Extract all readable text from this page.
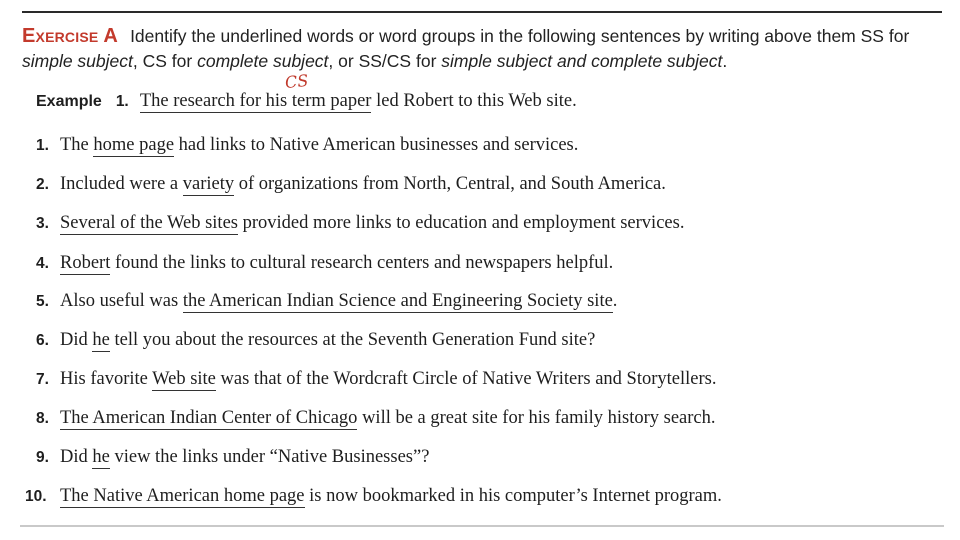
Exercise A Identify the underlined words or word groups in the following sentences by writing above them SS for simple subject, CS for complete subject, or SS/CS for simple subject and complete subject.
CS
Example 1. The research for his term paper led Robert to this Web site.
1. The home page had links to Native American businesses and services.
2. Included were a variety of organizations from North, Central, and South America.
3. Several of the Web sites provided more links to education and employment services.
4. Robert found the links to cultural research centers and newspapers helpful.
5. Also useful was the American Indian Science and Engineering Society site.
6. Did he tell you about the resources at the Seventh Generation Fund site?
7. His favorite Web site was that of the Wordcraft Circle of Native Writers and Storytellers.
8. The American Indian Center of Chicago will be a great site for his family history search.
9. Did he view the links under “Native Businesses”?
10. The Native American home page is now bookmarked in his computer’s Internet program.
